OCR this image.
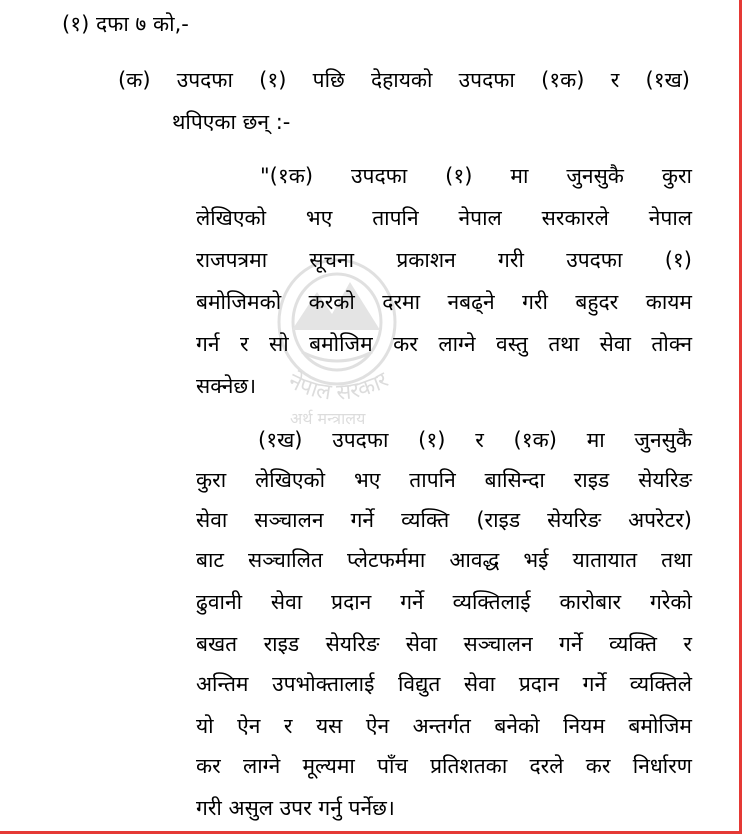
नेपाल सरकार
अर्थ मन्त्रालय
(१) दफा ७ को,-
(क) उपदफा (१) पछि देहायको उपदफा (१क) र (१ख)
थपिएका छन् :-
"(१क) उपदफा (१) मा जुनसुकै कुरा
लेखिएको भए तापनि नेपाल सरकारले नेपाल
राजपत्रमा सूचना प्रकाशन गरी उपदफा (१)
बमोजिमको करको दरमा नबढ्ने गरी बहुदर कायम
गर्न र सो बमोजिम कर लाग्ने वस्तु तथा सेवा तोक्न
सक्नेछ।
(१ख) उपदफा (१) र (१क) मा जुनसुकै
कुरा लेखिएको भए तापनि बासिन्दा राइड सेयरिङ
सेवा सञ्चालन गर्ने व्यक्ति (राइड सेयरिङ अपरेटर)
बाट सञ्चालित प्लेटफर्ममा आवद्ध भई यातायात तथा
ढुवानी सेवा प्रदान गर्ने व्यक्तिलाई कारोबार गरेको
बखत राइड सेयरिङ सेवा सञ्चालन गर्ने व्यक्ति र
अन्तिम उपभोक्तालाई विद्युत सेवा प्रदान गर्ने व्यक्तिले
यो ऐन र यस ऐन अन्तर्गत बनेको नियम बमोजिम
कर लाग्ने मूल्यमा पाँच प्रतिशतका दरले कर निर्धारण
गरी असुल उपर गर्नु पर्नेछ।
